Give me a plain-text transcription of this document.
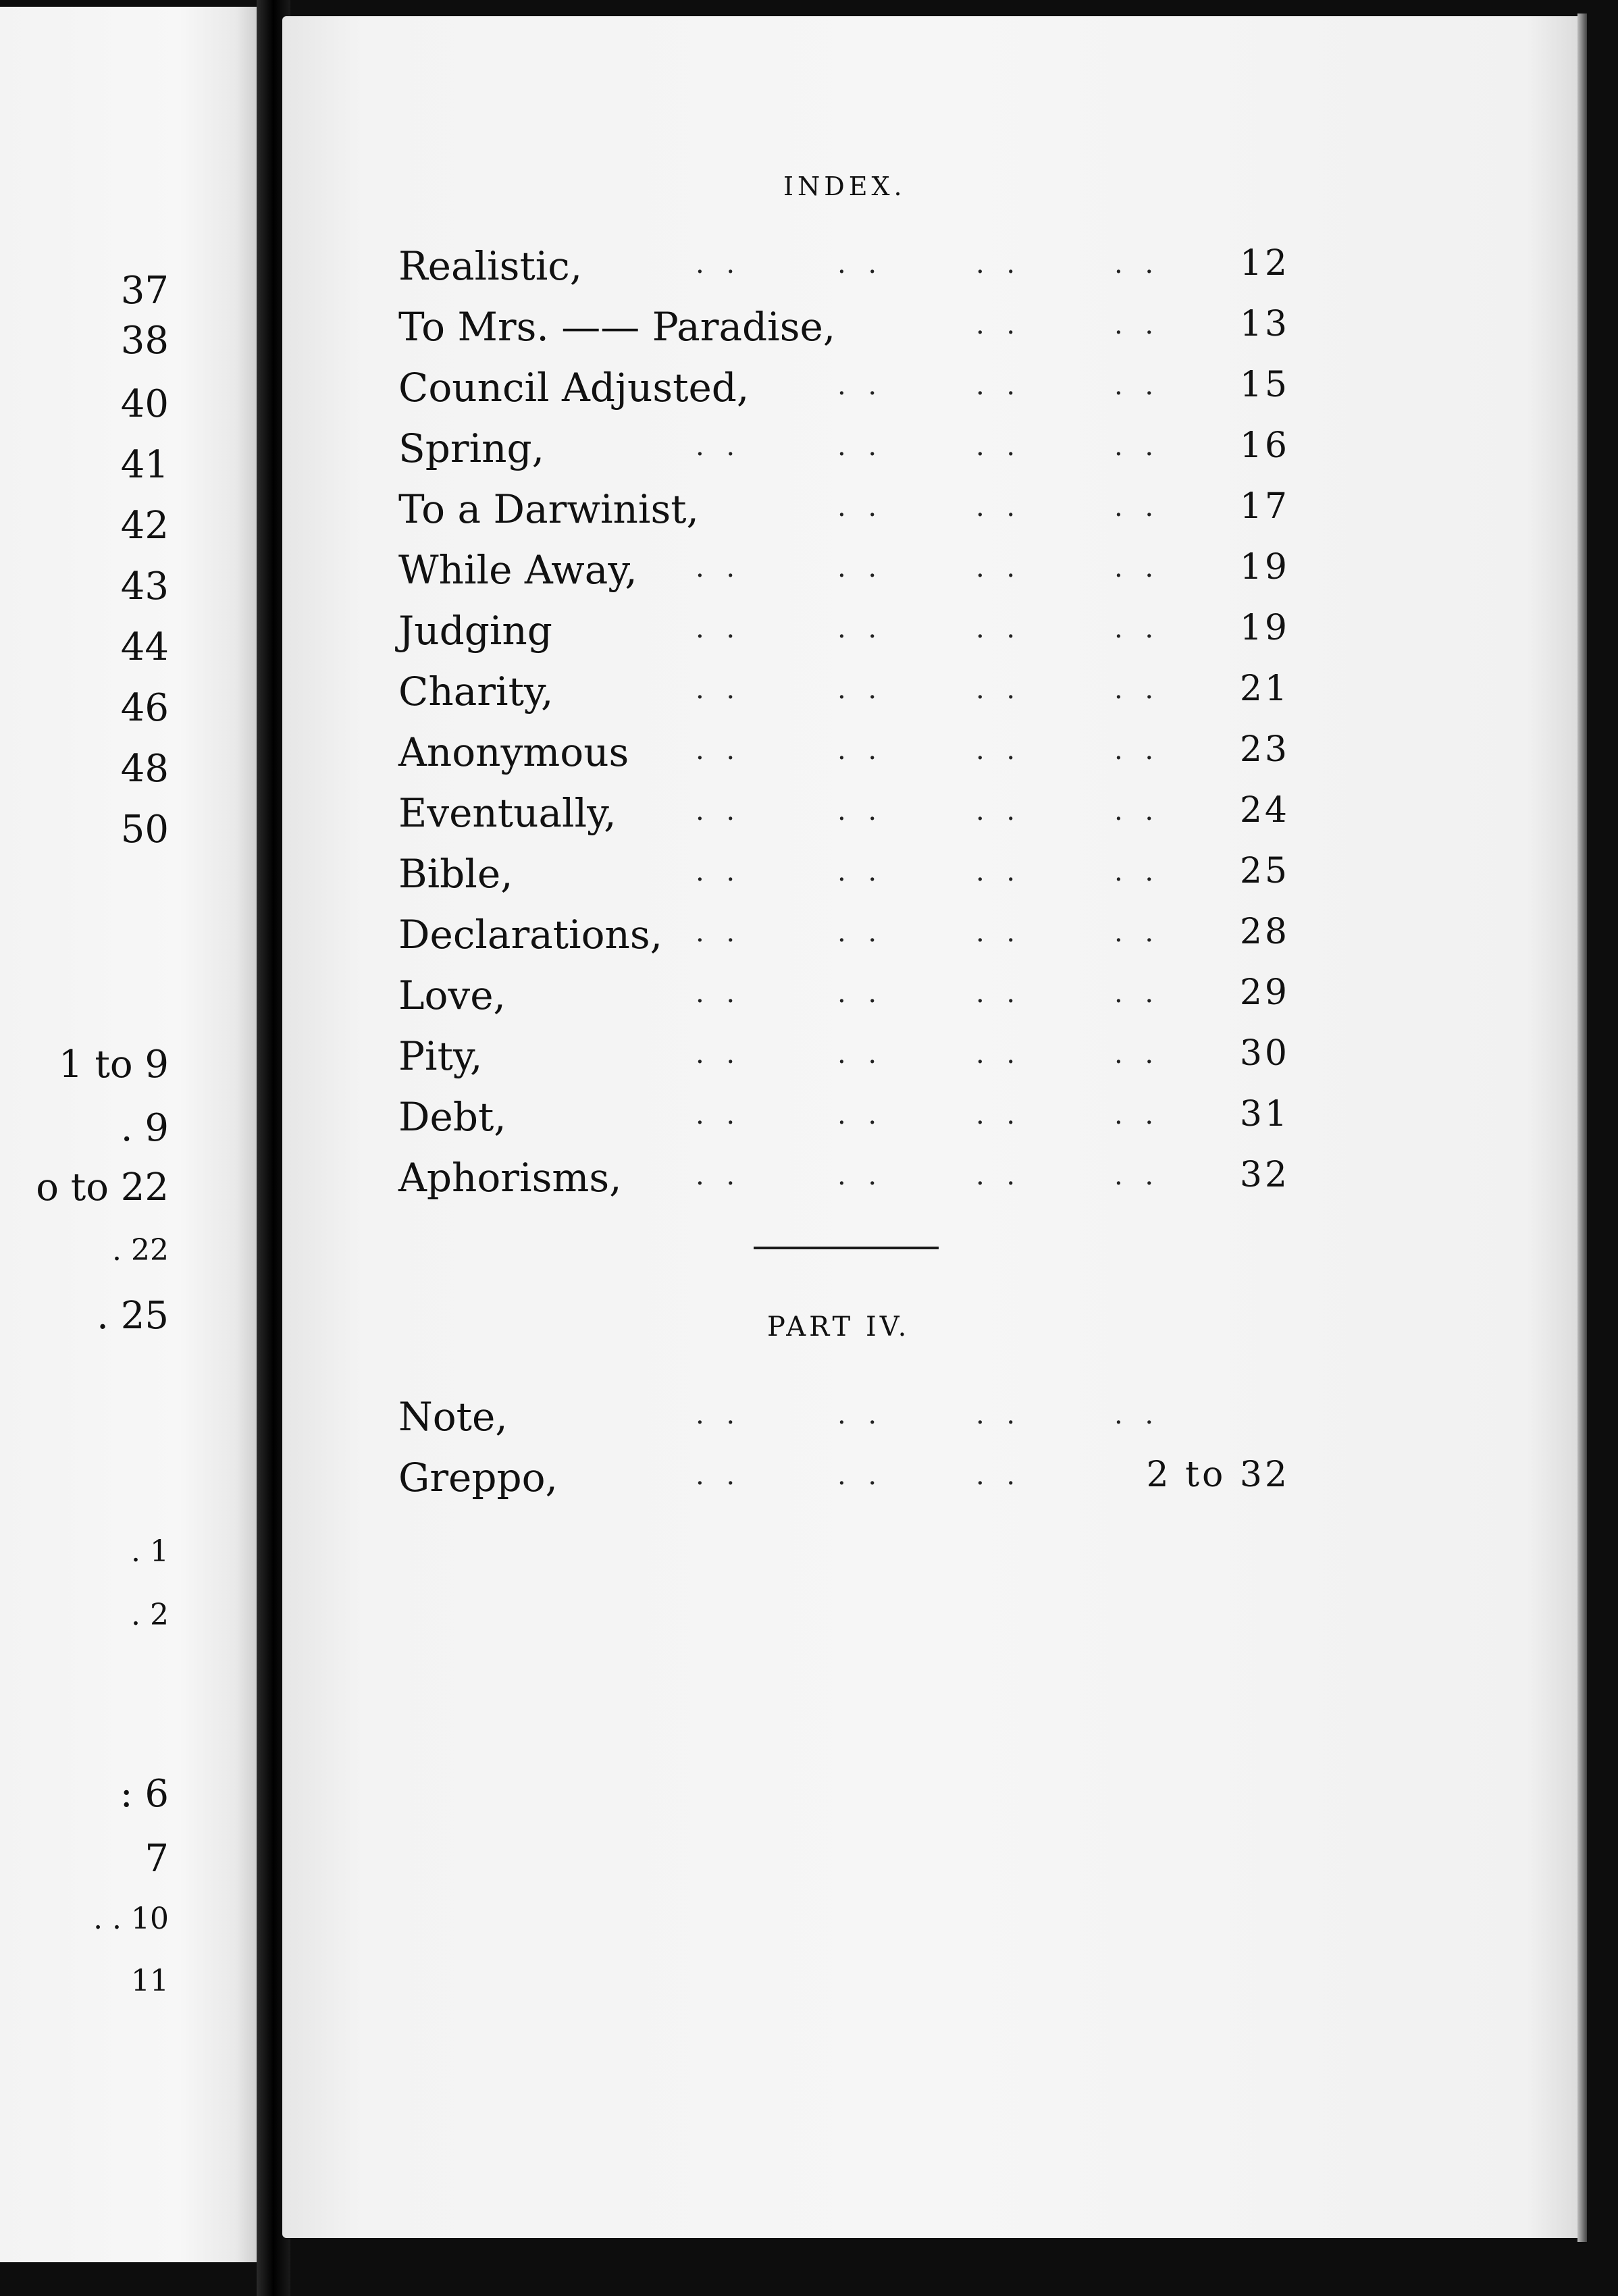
37
38
40
41
42
43
44
46
48
50
1 to 9
. 9
o to 22
. 22
. 25
. 1
. 2
: 6
7
. . 10
11
INDEX.
Realistic,	. .	. .	. .	. . 12
To Mrs. —— Paradise,	. .	. . 13
Council Adjusted,	. .	. .	. . 15
Spring,	. .	. .	. .	. . 16
To a Darwinist,	. .	. .	. . 17
While Away, . .	. .	. .	. . 19
Judging	. .	. .	. .	. . 19
Charity,	. .	. .	. .	. . 21
Anonymous . .	. .	. .	. . 23
Eventually,	. .	. .	. .	. . 24
Bible,	. .	. .	. .	. . 25
Declarations, . .	. .	. .	. . 28
Love,	. .	. .	. .	. . 29
Pity,	. .	. .	. .	. . 30
Debt,	. .	. .	. .	. . 31
Aphorisms,	. .	. .	. .	. . 32
PART IV.
Note,	. .	. .	. .	. .
Greppo,	. .	. .	. .	2 to 32
